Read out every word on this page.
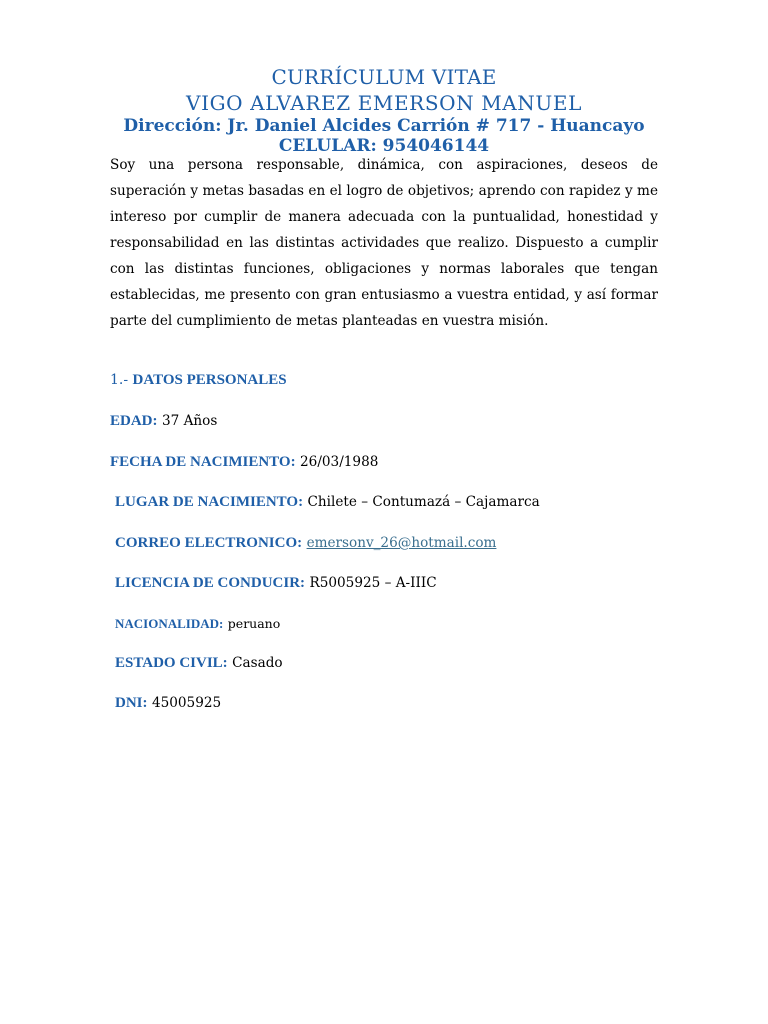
CURRÍCULUM VITAE
VIGO ALVAREZ EMERSON MANUEL
Dirección: Jr. Daniel Alcides Carrión # 717 - Huancayo
CELULAR: 954046144
Soy una persona responsable, dinámica, con aspiraciones, deseos de superación y metas basadas en el logro de objetivos; aprendo con rapidez y me intereso por cumplir de manera adecuada con la puntualidad, honestidad y responsabilidad en las distintas actividades que realizo. Dispuesto a cumplir con las distintas funciones, obligaciones y normas laborales que tengan establecidas, me presento con gran entusiasmo a vuestra entidad, y así formar parte del cumplimiento de metas planteadas en vuestra misión.
1.- DATOS PERSONALES
EDAD: 37 Años
FECHA DE NACIMIENTO: 26/03/1988
LUGAR DE NACIMIENTO: Chilete – Contumazá – Cajamarca
CORREO ELECTRONICO: emersonv_26@hotmail.com
LICENCIA DE CONDUCIR: R5005925 – A-IIIC
NACIONALIDAD: peruano
ESTADO CIVIL: Casado
DNI: 45005925
